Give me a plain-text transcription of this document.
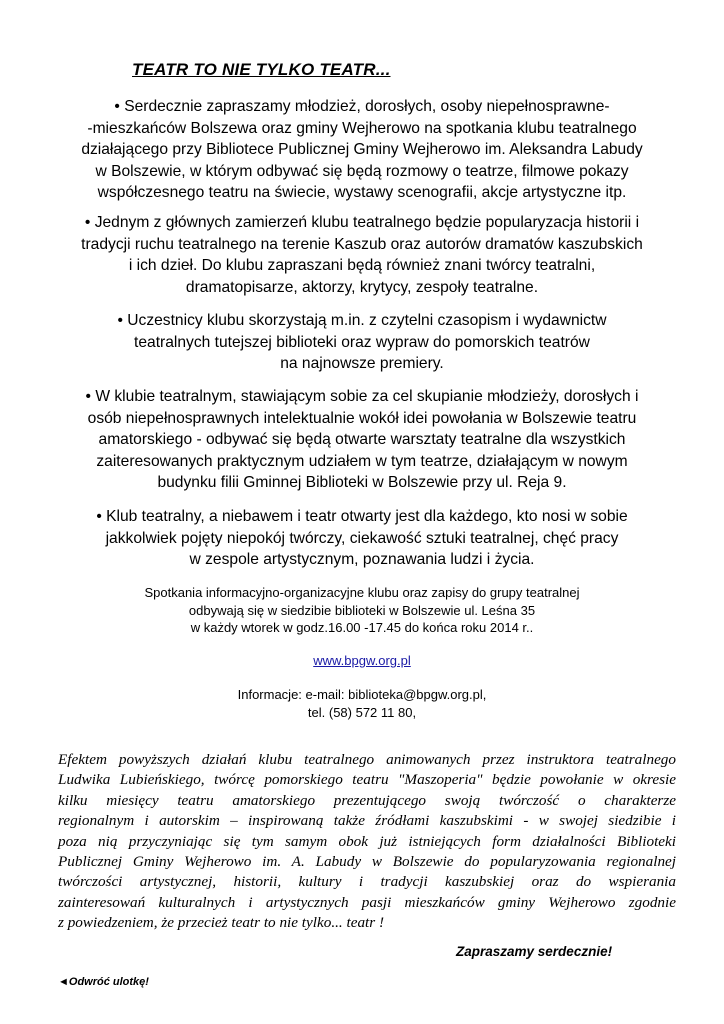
TEATR TO NIE TYLKO TEATR...
• Serdecznie zapraszamy młodzież, dorosłych, osoby niepełnosprawne-
-mieszkańców Bolszewa oraz gminy Wejherowo na spotkania klubu teatralnego
działającego przy Bibliotece Publicznej Gminy Wejherowo im. Aleksandra Labudy
w Bolszewie, w którym odbywać się będą rozmowy o teatrze, filmowe pokazy
współczesnego teatru na świecie, wystawy scenografii, akcje artystyczne itp.
• Jednym z głównych zamierzeń klubu teatralnego będzie popularyzacja historii i
tradycji ruchu teatralnego na terenie Kaszub oraz autorów dramatów kaszubskich
i ich dzieł. Do klubu zapraszani będą również znani twórcy teatralni,
dramatopisarze, aktorzy, krytycy, zespoły teatralne.
• Uczestnicy klubu skorzystają m.in. z czytelni czasopism i wydawnictw
teatralnych tutejszej biblioteki oraz wypraw do pomorskich teatrów
na najnowsze premiery.
• W klubie teatralnym, stawiającym sobie za cel skupianie młodzieży, dorosłych i
osób niepełnosprawnych intelektualnie wokół idei powołania w Bolszewie teatru
amatorskiego - odbywać się będą otwarte warsztaty teatralne dla wszystkich
zaiteresowanych praktycznym udziałem w tym teatrze, działającym w nowym
budynku filii Gminnej Biblioteki w Bolszewie przy ul. Reja 9.
• Klub teatralny, a niebawem i teatr otwarty jest dla każdego, kto nosi w sobie
jakkolwiek pojęty niepokój twórczy, ciekawość sztuki teatralnej, chęć pracy
w zespole artystycznym, poznawania ludzi i życia.
Spotkania informacyjno-organizacyjne klubu oraz zapisy do grupy teatralnej
odbywają się w siedzibie biblioteki w Bolszewie ul. Leśna 35
w każdy wtorek w godz.16.00 -17.45 do końca roku 2014 r..
www.bpgw.org.pl
Informacje: e-mail: biblioteka@bpgw.org.pl,
tel. (58) 572 11 80,
Efektem powyższych działań klubu teatralnego animowanych przez instruktora teatralnego
Ludwika Lubieńskiego, twórcę pomorskiego teatru "Maszoperia" będzie powołanie w okresie
kilku miesięcy teatru amatorskiego prezentującego swoją twórczość o charakterze
regionalnym i autorskim – inspirowaną także źródłami kaszubskimi - w swojej siedzibie i
poza nią przyczyniając się tym samym obok już istniejących form działalności Biblioteki
Publicznej Gminy Wejherowo im. A. Labudy w Bolszewie do popularyzowania regionalnej
twórczości artystycznej, historii, kultury i tradycji kaszubskiej oraz do wspierania
zainteresowań kulturalnych i artystycznych pasji mieszkańców gminy Wejherowo zgodnie
z powiedzeniem, że przecież teatr to nie tylko... teatr !
Zapraszamy serdecznie!
◄Odwróć ulotkę!
